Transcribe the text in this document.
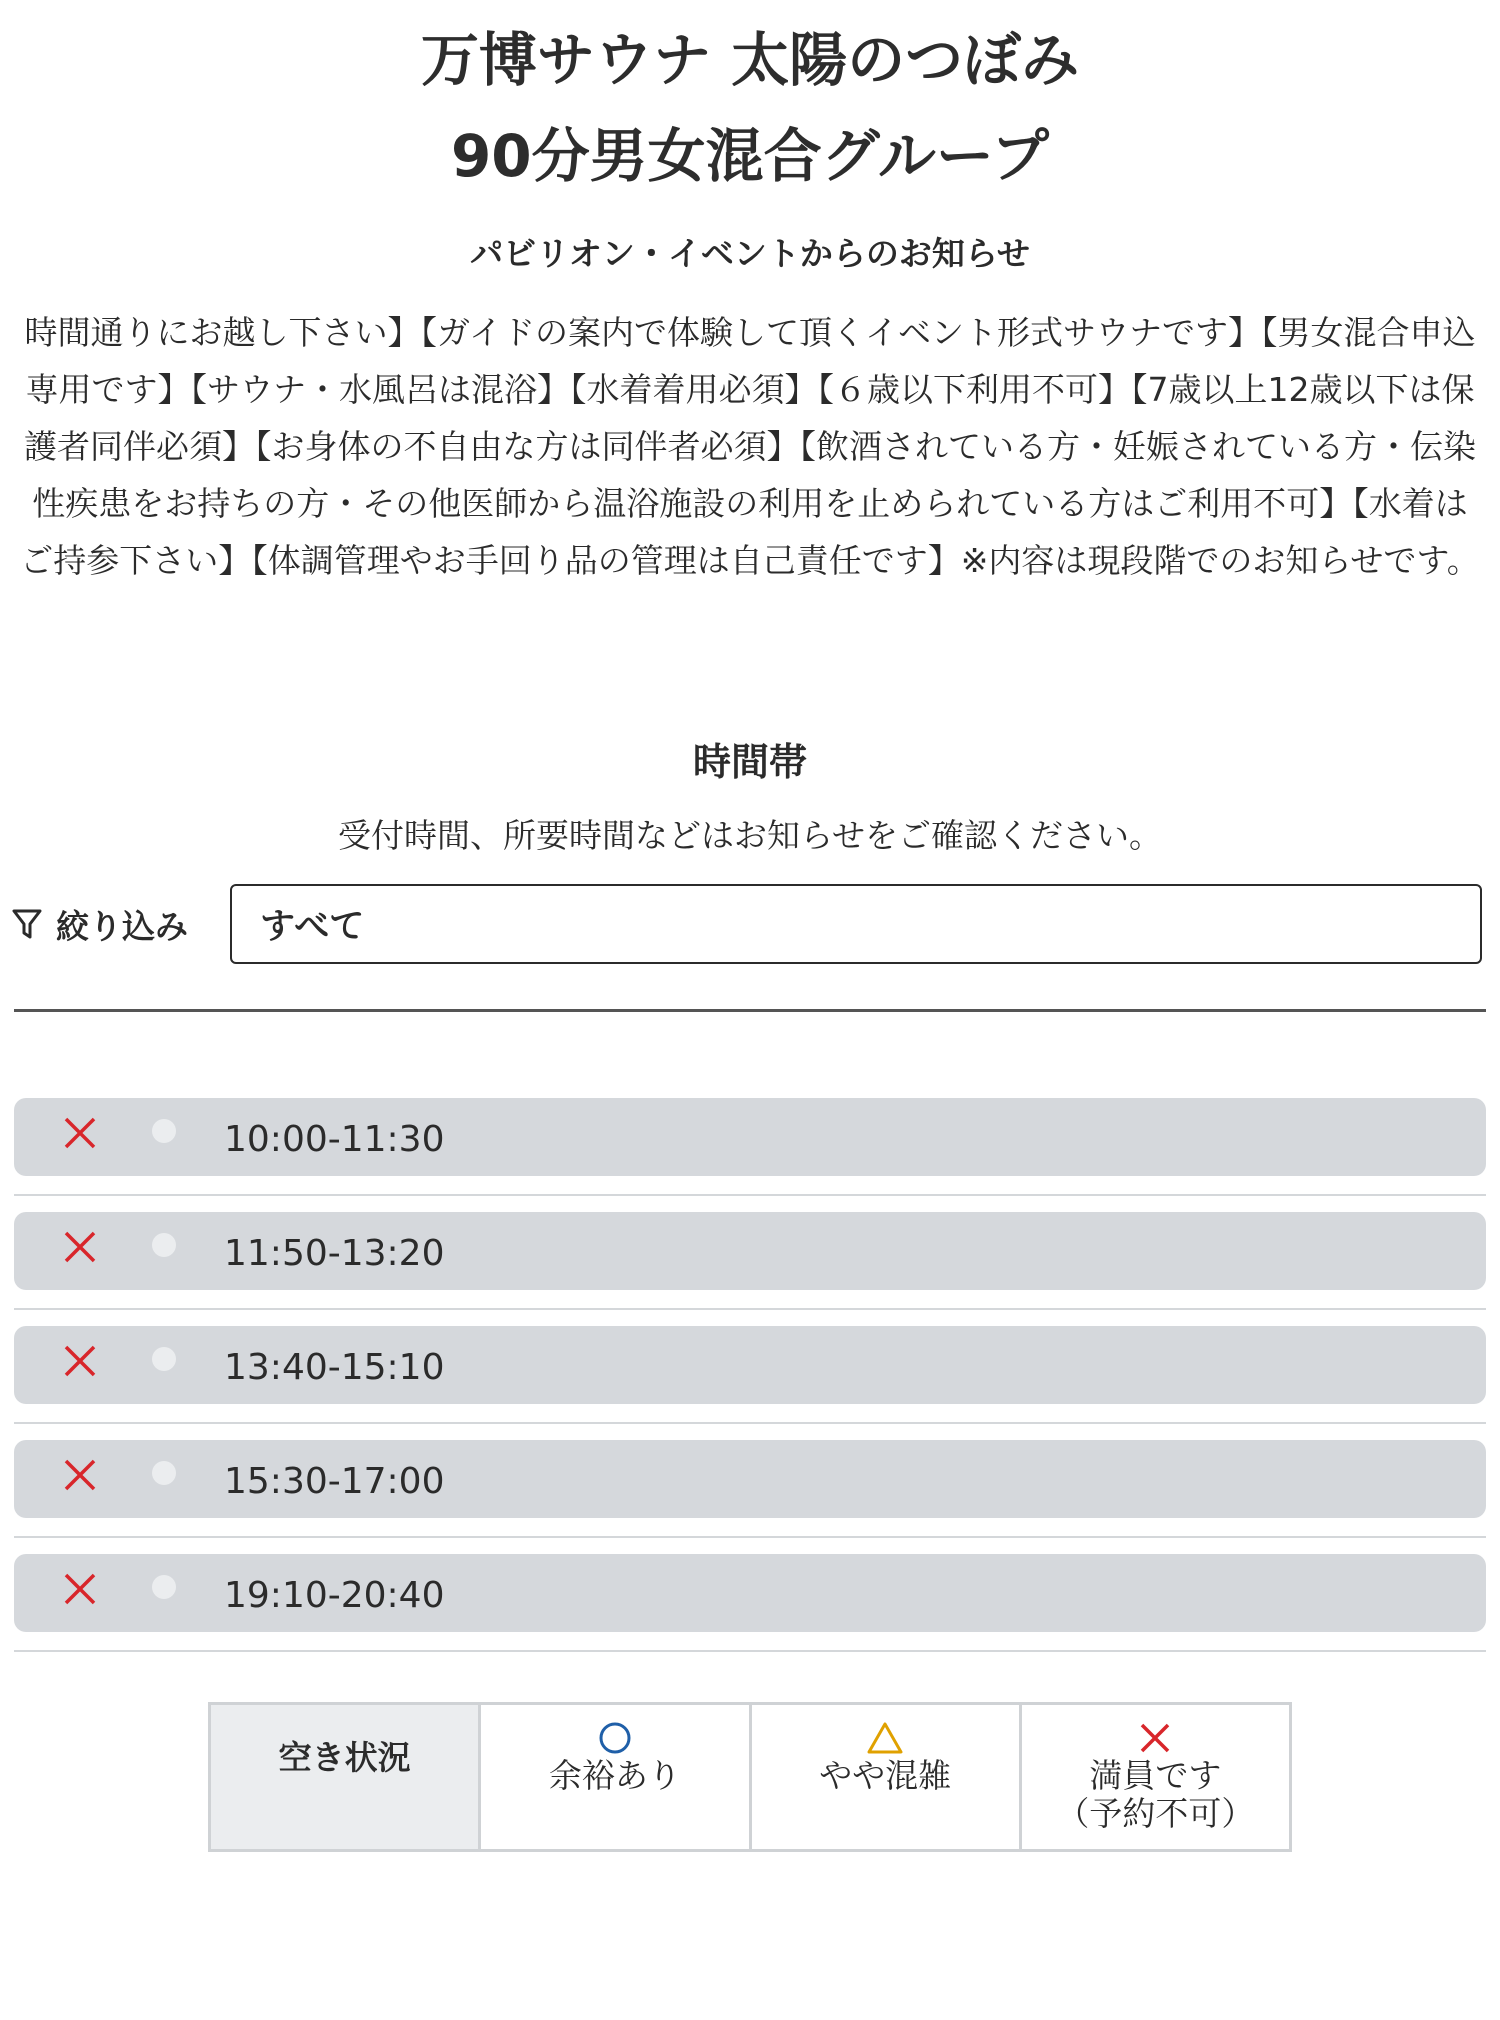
万博サウナ 太陽のつぼみ 90分男女混合グループ
パビリオン・イベントからのお知らせ
時間通りにお越し下さい】【ガイドの案内で体験して頂くイベント形式サウナです】【男女混合申込専用です】【サウナ・水風呂は混浴】【水着着用必須】【６歳以下利用不可】【7歳以上12歳以下は保護者同伴必須】【お身体の不自由な方は同伴者必須】【飲酒されている方・妊娠されている方・伝染性疾患をお持ちの方・その他医師から温浴施設の利用を止められている方はご利用不可】【水着はご持参下さい】【体調管理やお手回り品の管理は自己責任です】※内容は現段階でのお知らせです。
時間帯
受付時間、所要時間などはお知らせをご確認ください。
絞り込み すべて
10:00-11:30
11:50-13:20
13:40-15:10
15:30-17:00
19:10-20:40
空き状況	余裕あり	やや混雑	満員です
（予約不可）
